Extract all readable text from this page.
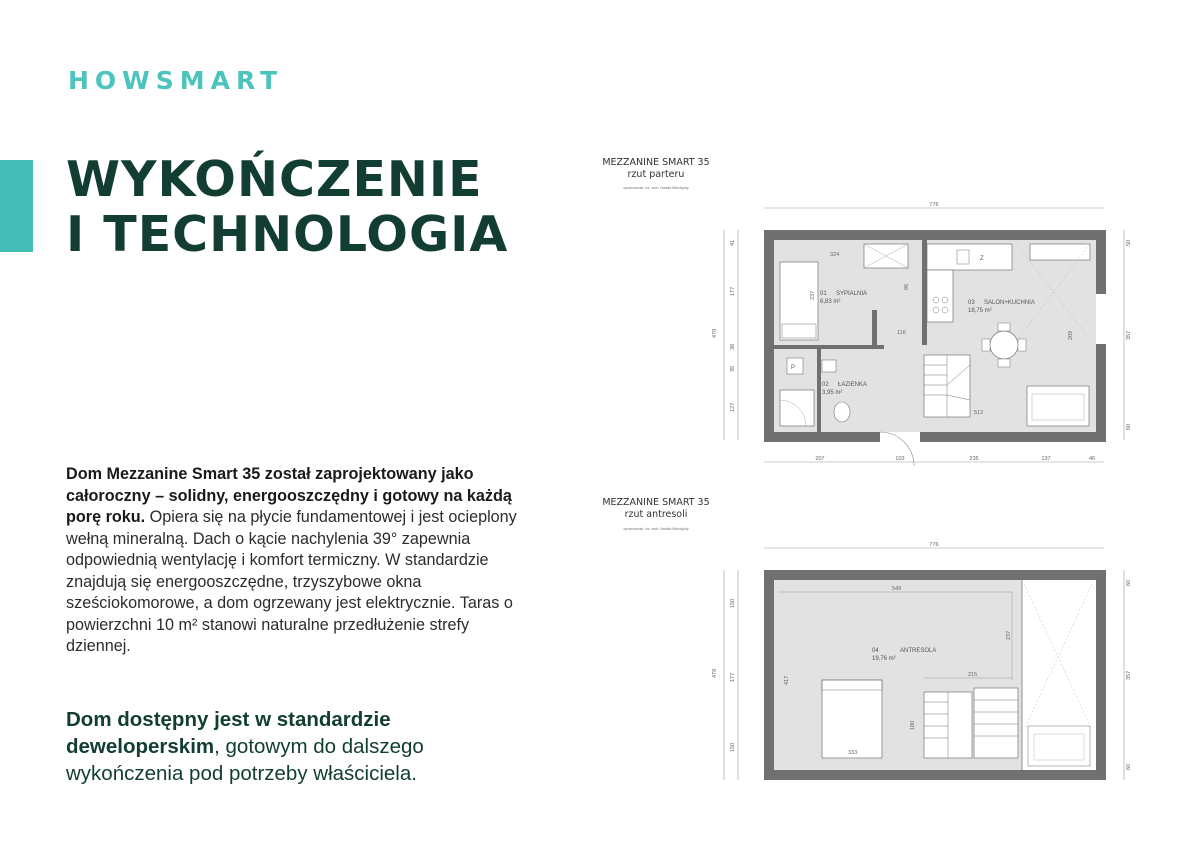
HOWSMART
WYKOŃCZENIE
I TECHNOLOGIA
Dom Mezzanine Smart 35 został zaprojektowany jako całoroczny – solidny, energooszczędny i gotowy na każdą porę roku. Opiera się na płycie fundamentowej i jest ocieplony wełną mineralną. Dach o kącie nachylenia 39° zapewnia odpowiednią wentylację i komfort termiczny. W standardzie znajdują się energooszczędne, trzyszybowe okna sześciokomorowe, a dom ogrzewany jest elektrycznie. Taras o powierzchni 10 m² stanowi naturalne przedłużenie strefy dziennej.
Dom dostępny jest w standardzie deweloperskim, gotowym do dalszego wykończenia pod potrzeby właściciela.
MEZZANINE SMART 35
rzut parteru
opracowanie: inż. arch. Natalia Bielskyisty
776
478
41
177
38
35
127
50
357
60
207	103	235	137	46
P
Z
324
237
96
116
512
209
01 SYPIALNIA
6,83 m²
02 ŁAZIENKA
3,95 m²
03 SALON+KUCHNIA
18,75 m²
MEZZANINE SMART 35
rzut antresoli
opracowanie: inż. arch. Natalia Bielskyisty
776
478
150
177
150
60
357
60
549
237
417
215
180
333
04	ANTRESOLA
19,76 m²
